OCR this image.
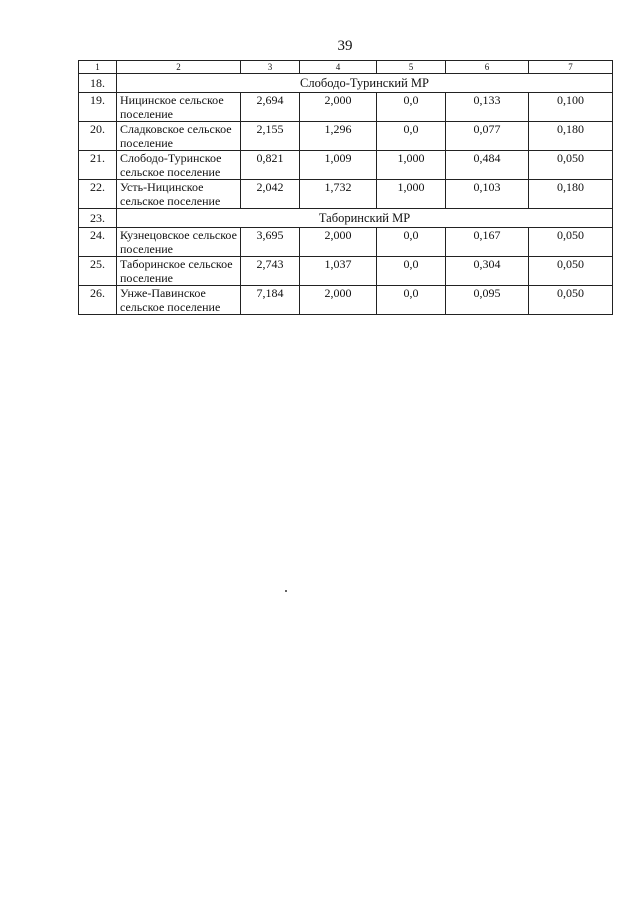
39
1	2	3	4	5	6	7
18.	Слободо-Туринский МР					
19.	Ницинское сельское поселение	2,694	2,000	0,0	0,133	0,100
20.	Сладковское сельское поселение	2,155	1,296	0,0	0,077	0,180
21.	Слободо-Туринское сельское поселение	0,821	1,009	1,000	0,484	0,050
22.	Усть-Ницинское сельское поселение	2,042	1,732	1,000	0,103	0,180
23.	Таборинский МР					
24.	Кузнецовское сельское поселение	3,695	2,000	0,0	0,167	0,050
25.	Таборинское сельское поселение	2,743	1,037	0,0	0,304	0,050
26.	Унже-Павинское сельское поселение	7,184	2,000	0,0	0,095	0,050
